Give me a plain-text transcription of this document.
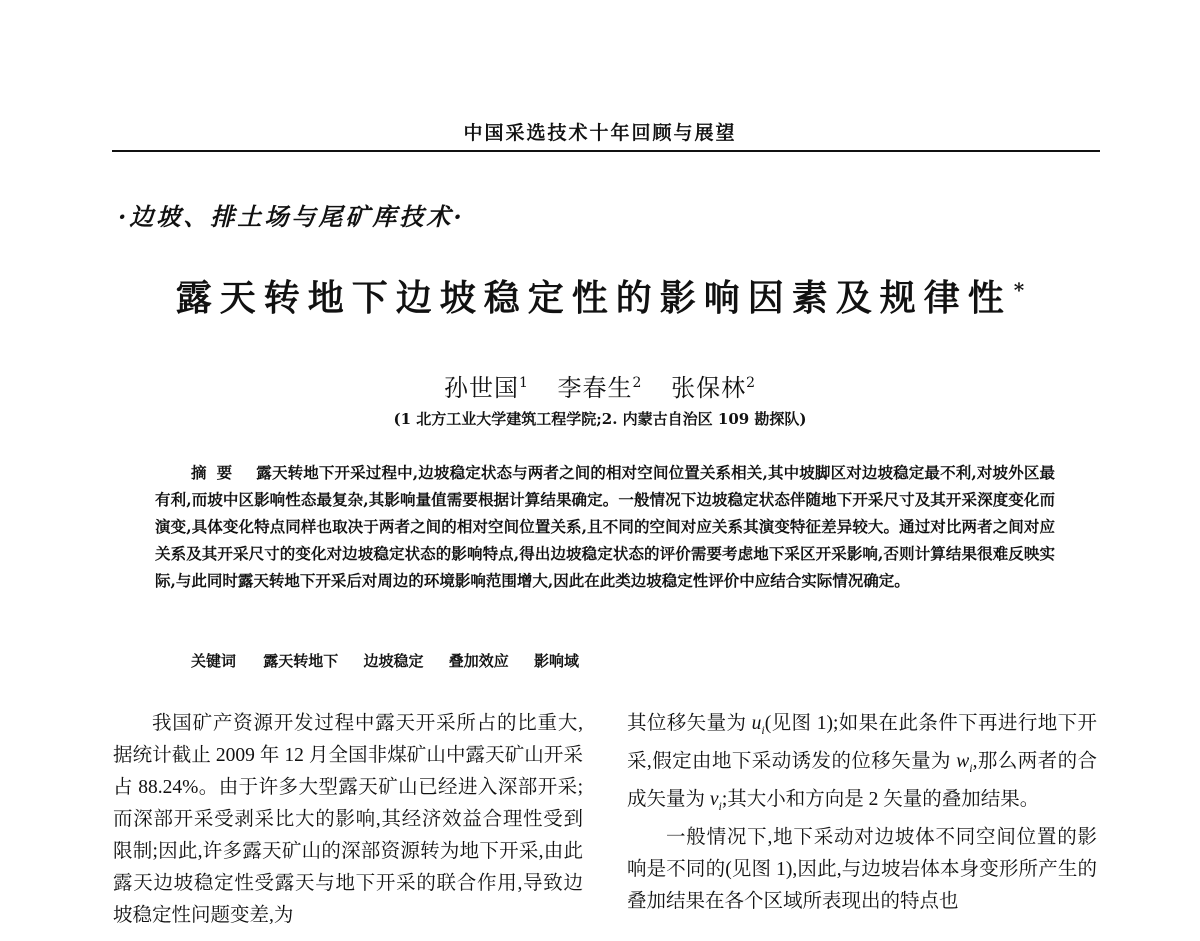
中国采选技术十年回顾与展望
·边坡、排土场与尾矿库技术·
露天转地下边坡稳定性的影响因素及规律性 *
孙世国$^1$ 李春生$^2$ 张保林$^2$
(1 北方工业大学建筑工程学院;2. 内蒙古自治区 109 勘探队)
摘要 露天转地下开采过程中,边坡稳定状态与两者之间的相对空间位置关系相关,其中坡脚区对边坡稳定最不利,对坡外区最有利,而坡中区影响性态最复杂,其影响量值需要根据计算结果确定。一般情况下边坡稳定状态伴随地下开采尺寸及其开采深度变化而演变,具体变化特点同样也取决于两者之间的相对空间位置关系,且不同的空间对应关系其演变特征差异较大。通过对比两者之间对应关系及其开采尺寸的变化对边坡稳定状态的影响特点,得出边坡稳定状态的评价需要考虑地下采区开采影响,否则计算结果很难反映实际,与此同时露天转地下开采后对周边的环境影响范围增大,因此在此类边坡稳定性评价中应结合实际情况确定。
关键词 露天转地下 边坡稳定 叠加效应 影响域

我国矿产资源开发过程中露天开采所占的比重大,据统计截止 2009 年 12 月全国非煤矿山中露天矿山开采占 88.24%。由于许多大型露天矿山已经进入深部开采;而深部开采受剥采比大的影响,其经济效益合理性受到限制;因此,许多露天矿山的深部资源转为地下开采,由此露天边坡稳定性受露天与地下开采的联合作用,导致边坡稳定性问题变差,为

其位移矢量为 $u_i$(见图 1);如果在此条件下再进行地下开采,假定由地下采动诱发的位移矢量为 $w_i$,那么两者的合成矢量为 $v_i$;其大小和方向是 2 矢量的叠加结果。

一般情况下,地下采动对边坡体不同空间位置的影响是不同的(见图 1),因此,与边坡岩体本身变形所产生的叠加结果在各个区域所表现出的特点也
